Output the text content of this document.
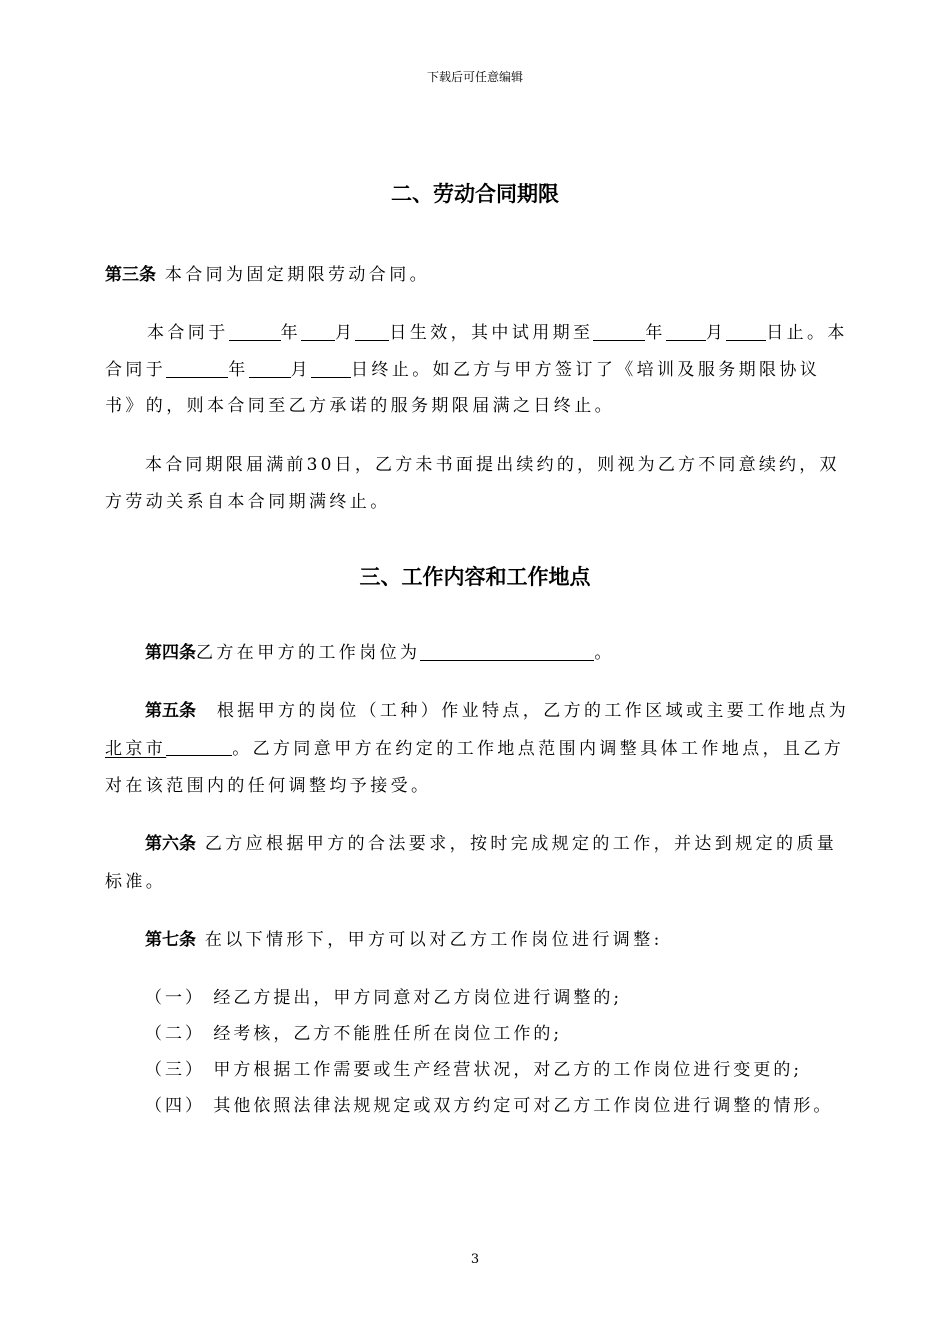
下载后可任意编辑
二、劳动合同期限
第三条 本合同为固定期限劳动合同。
本合同于	年 月 日生效，其中试用期至	年 月 日止。本
合同于	年 月 日终止。如乙方与甲方签订了《培训及服务期限协议
书》的，则本合同至乙方承诺的服务期限届满之日终止。
本合同期限届满前30日，乙方未书面提出续约的，则视为乙方不同意续约，双
方劳动关系自本合同期满终止。
三、工作内容和工作地点
第四条乙方在甲方的工作岗位为	。
第五条 根据甲方的岗位（工种）作业特点，乙方的工作区域或主要工作地点为
北京市	。乙方同意甲方在约定的工作地点范围内调整具体工作地点，且乙方
对在该范围内的任何调整均予接受。
第六条 乙方应根据甲方的合法要求，按时完成规定的工作，并达到规定的质量
标准。
第七条 在以下情形下，甲方可以对乙方工作岗位进行调整:
（一） 经乙方提出，甲方同意对乙方岗位进行调整的;
（二） 经考核，乙方不能胜任所在岗位工作的;
（三） 甲方根据工作需要或生产经营状况，对乙方的工作岗位进行变更的;
（四） 其他依照法律法规规定或双方约定可对乙方工作岗位进行调整的情形。
3
